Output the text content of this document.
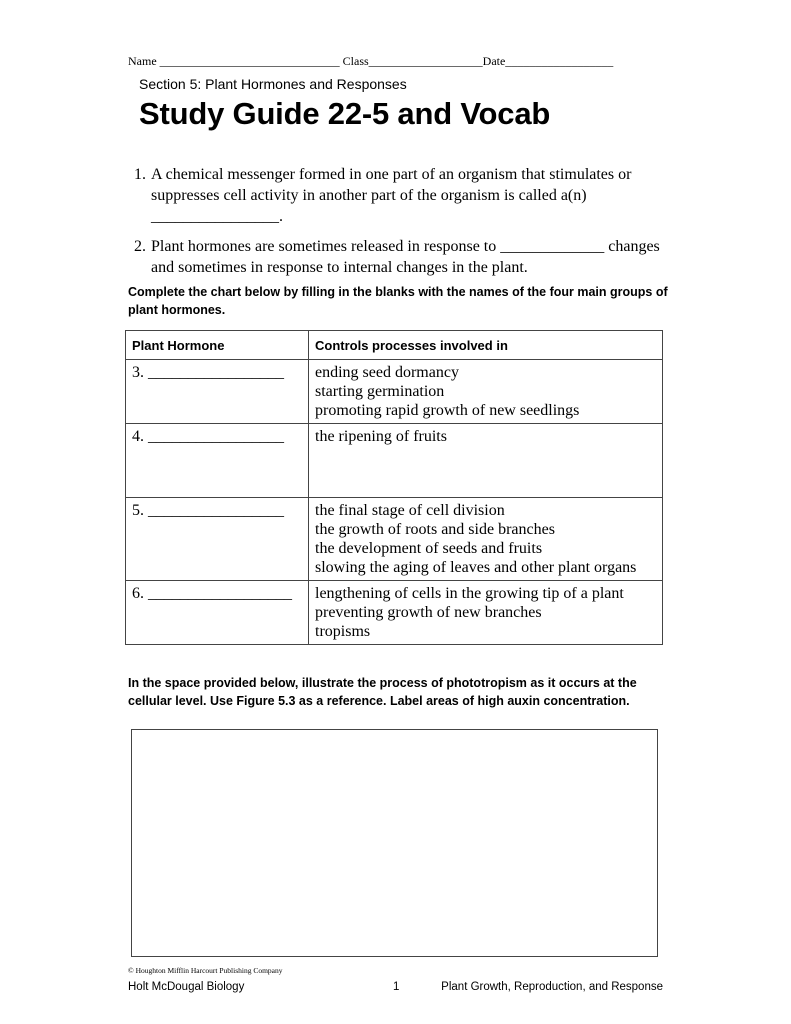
Name ______________________________ Class___________________Date__________________
Section 5: Plant Hormones and Responses
Study Guide 22-5 and Vocab
1. A chemical messenger formed in one part of an organism that stimulates or suppresses cell activity in another part of the organism is called a(n) ________________.
2. Plant hormones are sometimes released in response to _____________ changes and sometimes in response to internal changes in the plant.
Complete the chart below by filling in the blanks with the names of the four main groups of plant hormones.
Plant Hormone	Controls processes involved in
3. _________________	ending seed dormancy
starting germination
promoting rapid growth of new seedlings

4. _________________	the ripening of fruits

5. _________________	the final stage of cell division
the growth of roots and side branches
the development of seeds and fruits
slowing the aging of leaves and other plant organs

6. __________________	lengthening of cells in the growing tip of a plant
preventing growth of new branches
tropisms
In the space provided below, illustrate the process of phototropism as it occurs at the cellular level. Use Figure 5.3 as a reference. Label areas of high auxin concentration.
© Houghton Mifflin Harcourt Publishing Company
Holt McDougal Biology	1	Plant Growth, Reproduction, and Response
